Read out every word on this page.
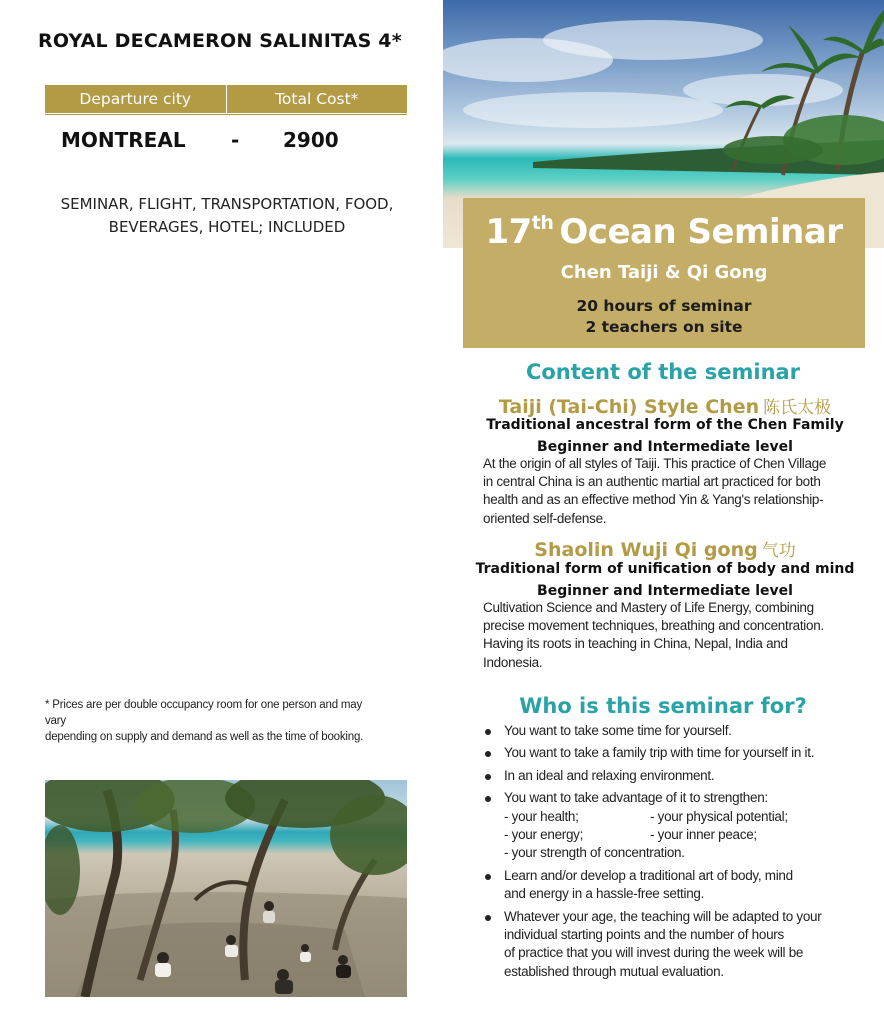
ROYAL DECAMERON SALINITAS 4*
Departure city	Total Cost*
MONTREAL - 2900
SEMINAR, FLIGHT, TRANSPORTATION, FOOD,
BEVERAGES, HOTEL; INCLUDED
* Prices are per double occupancy room for one person and may vary
depending on supply and demand as well as the time of booking.
17th Ocean Seminar
Chen Taiji & Qi Gong
20 hours of seminar
2 teachers on site
Content of the seminar
Taiji (Tai-Chi) Style Chen 陈氏太极
Traditional ancestral form of the Chen Family
Beginner and Intermediate level
At the origin of all styles of Taiji. This practice of Chen Village
in central China is an authentic martial art practiced for both
health and as an effective method Yin & Yang's relationship-
oriented self-defense.
Shaolin Wuji Qi gong 气功
Traditional form of unification of body and mind
Beginner and Intermediate level
Cultivation Science and Mastery of Life Energy, combining
precise movement techniques, breathing and concentration.
Having its roots in teaching in China, Nepal, India and
Indonesia.
Who is this seminar for?
You want to take some time for yourself.
You want to take a family trip with time for yourself in it.
In an ideal and relaxing environment.
You want to take advantage of it to strengthen:
- your health;	- your physical potential;
- your energy;	- your inner peace;
- your strength of concentration.
Learn and/or develop a traditional art of body, mind
and energy in a hassle-free setting.
Whatever your age, the teaching will be adapted to your
individual starting points and the number of hours
of practice that you will invest during the week will be
established through mutual evaluation.
